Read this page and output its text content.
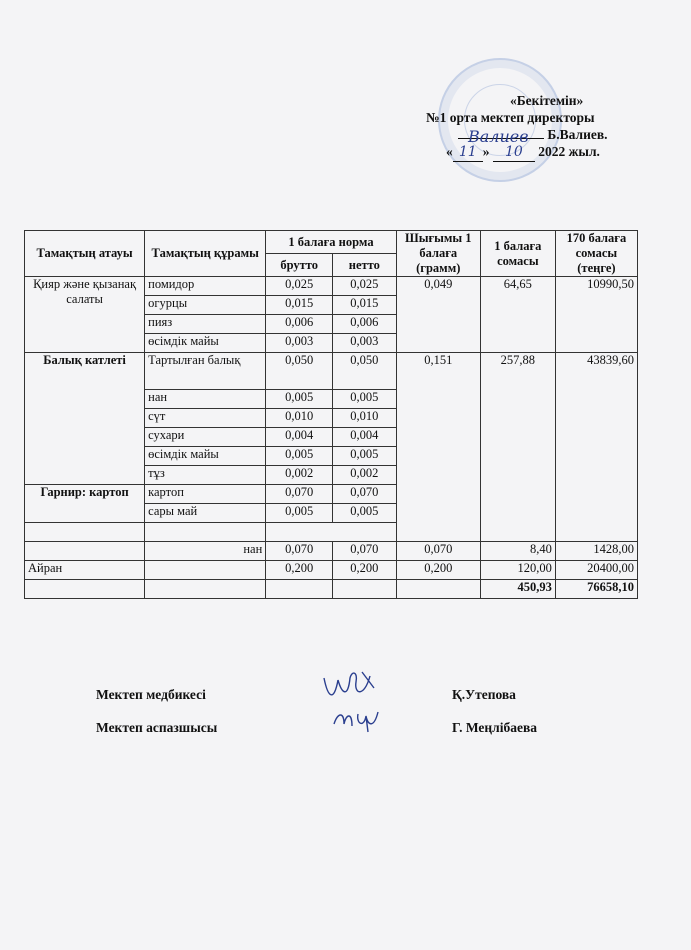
«Бекітемін»
№1 орта мектеп директоры
Валиев Б.Валиев.
« 11 » 10 2022 жыл.
Тамақтың атауы	Тамақтың құрамы	1 балаға норма		Шығымы 1 балаға (грамм)	1 балаға сомасы	170 балаға сомасы (теңге)
		брутто	нетто			
Қияр және қызанақ салаты	помидор	0,025	0,025	0,049	64,65	10990,50
	огурцы	0,015	0,015			
	пияз	0,006	0,006			
	өсімдік майы	0,003	0,003			
Балық катлеті	Тартылған балық	0,050	0,050	0,151	257,88	43839,60
	нан	0,005	0,005			
	сүт	0,010	0,010			
	сухари	0,004	0,004			
	өсімдік майы	0,005	0,005			
	тұз	0,002	0,002			
Гарнир: картоп	картоп	0,070	0,070			
	сары май	0,005	0,005			

	нан	0,070	0,070	0,070	8,40	1428,00
Айран		0,200	0,200	0,200	120,00	20400,00
					450,93	76658,10
Мектеп медбикесі	Қ.Утепова
Мектеп аспазшысы	Г. Меңлібаева
